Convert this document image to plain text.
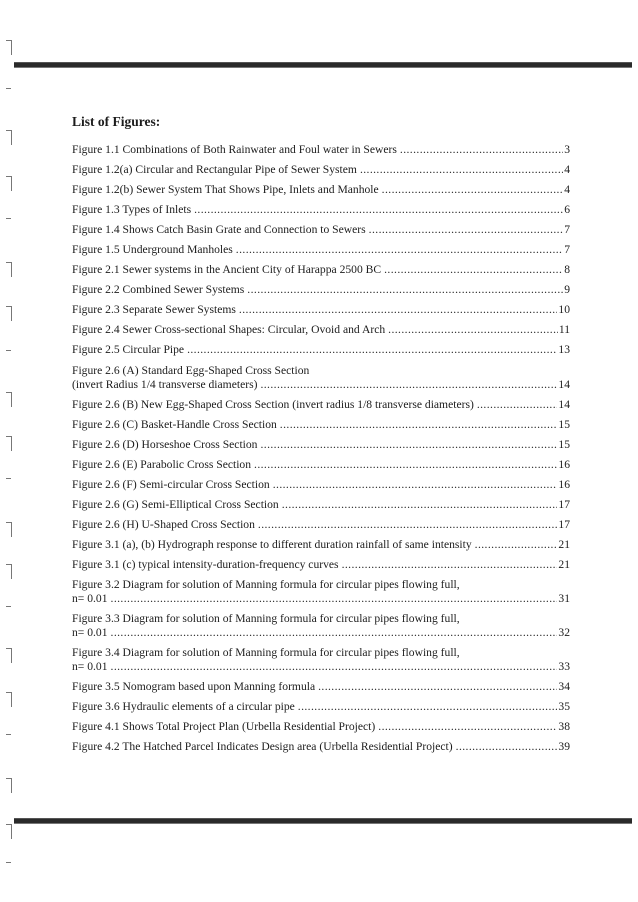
List of Figures:
Figure 1.1 Combinations of Both Rainwater and Foul water in Sewers .....	3
Figure 1.2(a) Circular and Rectangular Pipe of Sewer System .....	4
Figure 1.2(b) Sewer System That Shows Pipe, Inlets and Manhole .....	4
Figure 1.3 Types of Inlets .....	6
Figure 1.4 Shows Catch Basin Grate and Connection to Sewers .....	7
Figure 1.5 Underground Manholes .....	7
Figure 2.1 Sewer systems in the Ancient City of Harappa 2500 BC .....	8
Figure 2.2 Combined Sewer Systems .....	9
Figure 2.3 Separate Sewer Systems .....	10
Figure 2.4 Sewer Cross-sectional Shapes: Circular, Ovoid and Arch .....	11
Figure 2.5 Circular Pipe .....	13
Figure 2.6 (A) Standard Egg-Shaped Cross Section
(invert Radius 1/4 transverse diameters) .....	14
Figure 2.6 (B) New Egg-Shaped Cross Section (invert radius 1/8 transverse diameters) .....	14
Figure 2.6 (C) Basket-Handle Cross Section .....	15
Figure 2.6 (D) Horseshoe Cross Section .....	15
Figure 2.6 (E) Parabolic Cross Section .....	16
Figure 2.6 (F) Semi-circular Cross Section .....	16
Figure 2.6 (G) Semi-Elliptical Cross Section .....	17
Figure 2.6 (H) U-Shaped Cross Section .....	17
Figure 3.1 (a), (b) Hydrograph response to different duration rainfall of same intensity .....	21
Figure 3.1 (c) typical intensity-duration-frequency curves .....	21
Figure 3.2 Diagram for solution of Manning formula for circular pipes flowing full,
n= 0.01 .....	31
Figure 3.3 Diagram for solution of Manning formula for circular pipes flowing full,
n= 0.01 .....	32
Figure 3.4 Diagram for solution of Manning formula for circular pipes flowing full,
n= 0.01 .....	33
Figure 3.5 Nomogram based upon Manning formula .....	34
Figure 3.6 Hydraulic elements of a circular pipe .....	35
Figure 4.1 Shows Total Project Plan (Urbella Residential Project) .....	38
Figure 4.2 The Hatched Parcel Indicates Design area (Urbella Residential Project) .....	39
